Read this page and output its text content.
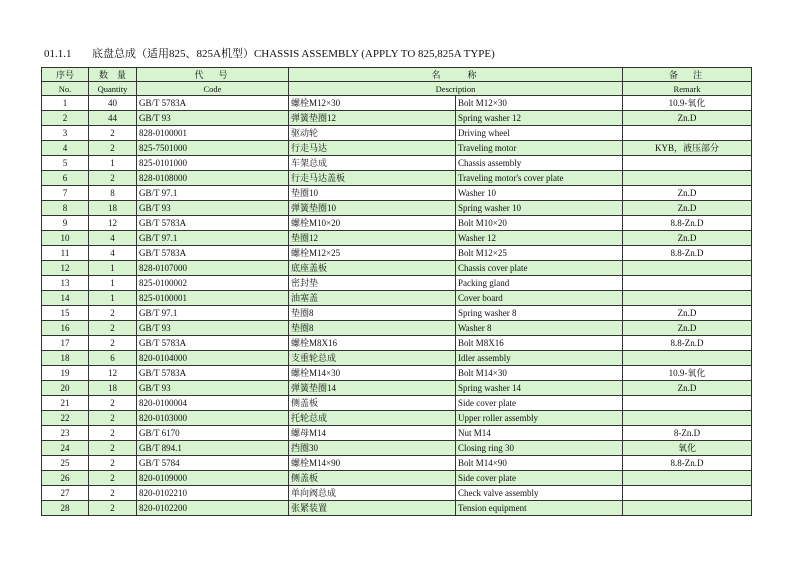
01.1.1 底盘总成（适用825、825A机型）CHASSIS ASSEMBLY (APPLY TO 825,825A TYPE)
序号	数　量	代　号	名　　称		备　注
No.	Quantity	Code	Description		Remark
1	40	GB/T 5783A	螺栓M12×30	Bolt M12×30	10.9-氧化
2	44	GB/T 93	弹簧垫圈12	Spring washer 12	Zn.D
3	2	828-0100001	驱动轮	Driving wheel	
4	2	825-7501000	行走马达	Traveling motor	KYB，液压部分
5	1	825-0101000	车架总成	Chassis assembly	
6	2	828-0108000	行走马达盖板	Traveling motor's cover plate	
7	8	GB/T 97.1	垫圈10	Washer 10	Zn.D
8	18	GB/T 93	弹簧垫圈10	Spring washer 10	Zn.D
9	12	GB/T 5783A	螺栓M10×20	Bolt M10×20	8.8-Zn.D
10	4	GB/T 97.1	垫圈12	Washer 12	Zn.D
11	4	GB/T 5783A	螺栓M12×25	Bolt M12×25	8.8-Zn.D
12	1	828-0107000	底座盖板	Chassis cover plate	
13	1	825-0100002	密封垫	Packing gland	
14	1	825-0100001	油塞盖	Cover board	
15	2	GB/T 97.1	垫圈8	Spring washer 8	Zn.D
16	2	GB/T 93	垫圈8	Washer 8	Zn.D
17	2	GB/T 5783A	螺栓M8X16	Bolt M8X16	8.8-Zn.D
18	6	820-0104000	支重轮总成	Idler assembly	
19	12	GB/T 5783A	螺栓M14×30	Bolt M14×30	10.9-氧化
20	18	GB/T 93	弹簧垫圈14	Spring washer 14	Zn.D
21	2	820-0100004	侧盖板	Side cover plate	
22	2	820-0103000	托轮总成	Upper roller assembly	
23	2	GB/T 6170	螺母M14	Nut M14	8-Zn.D
24	2	GB/T 894.1	挡圈30	Closing ring 30	氧化
25	2	GB/T 5784	螺栓M14×90	Bolt M14×90	8.8-Zn.D
26	2	820-0109000	侧盖板	Side cover plate	
27	2	820-0102210	单向阀总成	Check valve assembly	
28	2	820-0102200	张紧装置	Tension equipment	
